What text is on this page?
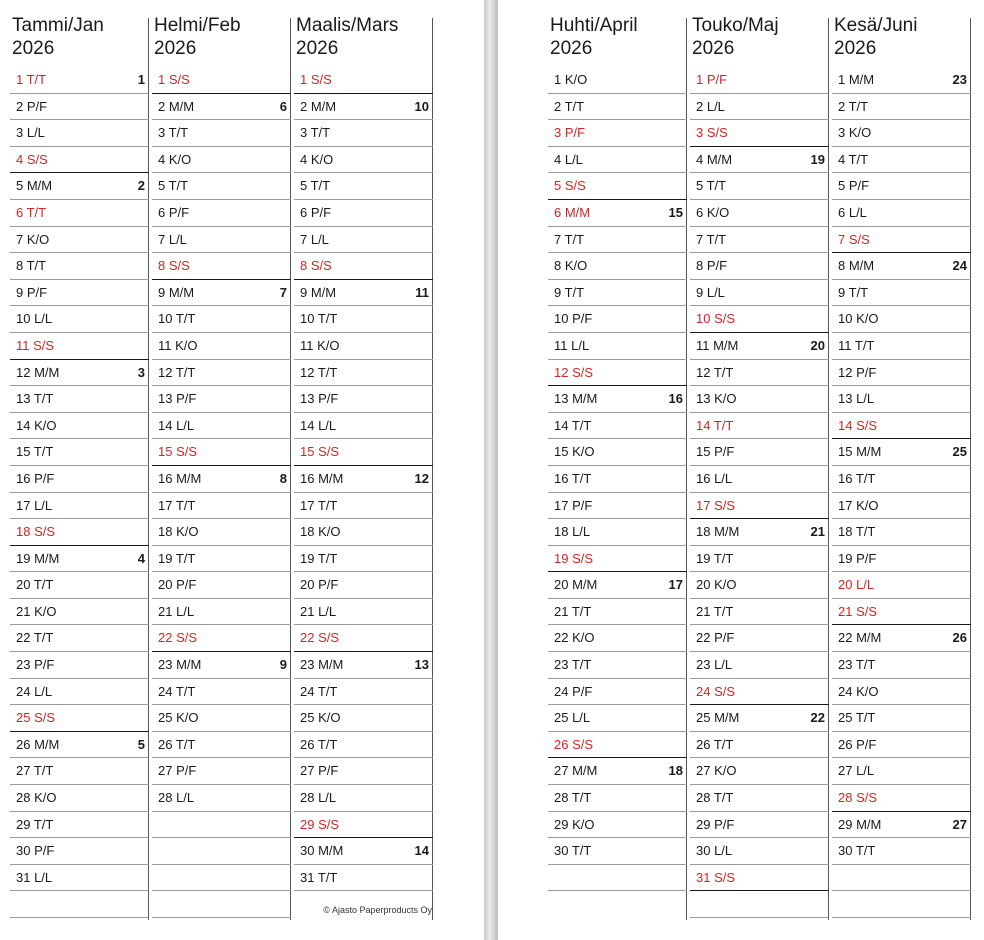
Tammi/Jan
2026
1 T/T	1
2 P/F
3 L/L
4 S/S
5 M/M	2
6 T/T
7 K/O
8 T/T
9 P/F
10 L/L
11 S/S
12 M/M	3
13 T/T
14 K/O
15 T/T
16 P/F
17 L/L
18 S/S
19 M/M	4
20 T/T
21 K/O
22 T/T
23 P/F
24 L/L
25 S/S
26 M/M	5
27 T/T
28 K/O
29 T/T
30 P/F
31 L/L
Helmi/Feb
2026
1 S/S
2 M/M	6
3 T/T
4 K/O
5 T/T
6 P/F
7 L/L
8 S/S
9 M/M	7
10 T/T
11 K/O
12 T/T
13 P/F
14 L/L
15 S/S
16 M/M	8
17 T/T
18 K/O
19 T/T
20 P/F
21 L/L
22 S/S
23 M/M	9
24 T/T
25 K/O
26 T/T
27 P/F
28 L/L
Maalis/Mars
2026
1 S/S
2 M/M	10
3 T/T
4 K/O
5 T/T
6 P/F
7 L/L
8 S/S
9 M/M	11
10 T/T
11 K/O
12 T/T
13 P/F
14 L/L
15 S/S
16 M/M	12
17 T/T
18 K/O
19 T/T
20 P/F
21 L/L
22 S/S
23 M/M	13
24 T/T
25 K/O
26 T/T
27 P/F
28 L/L
29 S/S
30 M/M	14
31 T/T
Huhti/April
2026
1 K/O
2 T/T
3 P/F
4 L/L
5 S/S
6 M/M	15
7 T/T
8 K/O
9 T/T
10 P/F
11 L/L
12 S/S
13 M/M	16
14 T/T
15 K/O
16 T/T
17 P/F
18 L/L
19 S/S
20 M/M	17
21 T/T
22 K/O
23 T/T
24 P/F
25 L/L
26 S/S
27 M/M	18
28 T/T
29 K/O
30 T/T
Touko/Maj
2026
1 P/F
2 L/L
3 S/S
4 M/M	19
5 T/T
6 K/O
7 T/T
8 P/F
9 L/L
10 S/S
11 M/M	20
12 T/T
13 K/O
14 T/T
15 P/F
16 L/L
17 S/S
18 M/M	21
19 T/T
20 K/O
21 T/T
22 P/F
23 L/L
24 S/S
25 M/M	22
26 T/T
27 K/O
28 T/T
29 P/F
30 L/L
31 S/S
Kesä/Juni
2026
1 M/M	23
2 T/T
3 K/O
4 T/T
5 P/F
6 L/L
7 S/S
8 M/M	24
9 T/T
10 K/O
11 T/T
12 P/F
13 L/L
14 S/S
15 M/M	25
16 T/T
17 K/O
18 T/T
19 P/F
20 L/L
21 S/S
22 M/M	26
23 T/T
24 K/O
25 T/T
26 P/F
27 L/L
28 S/S
29 M/M	27
30 T/T
© Ajasto Paperproducts Oy
